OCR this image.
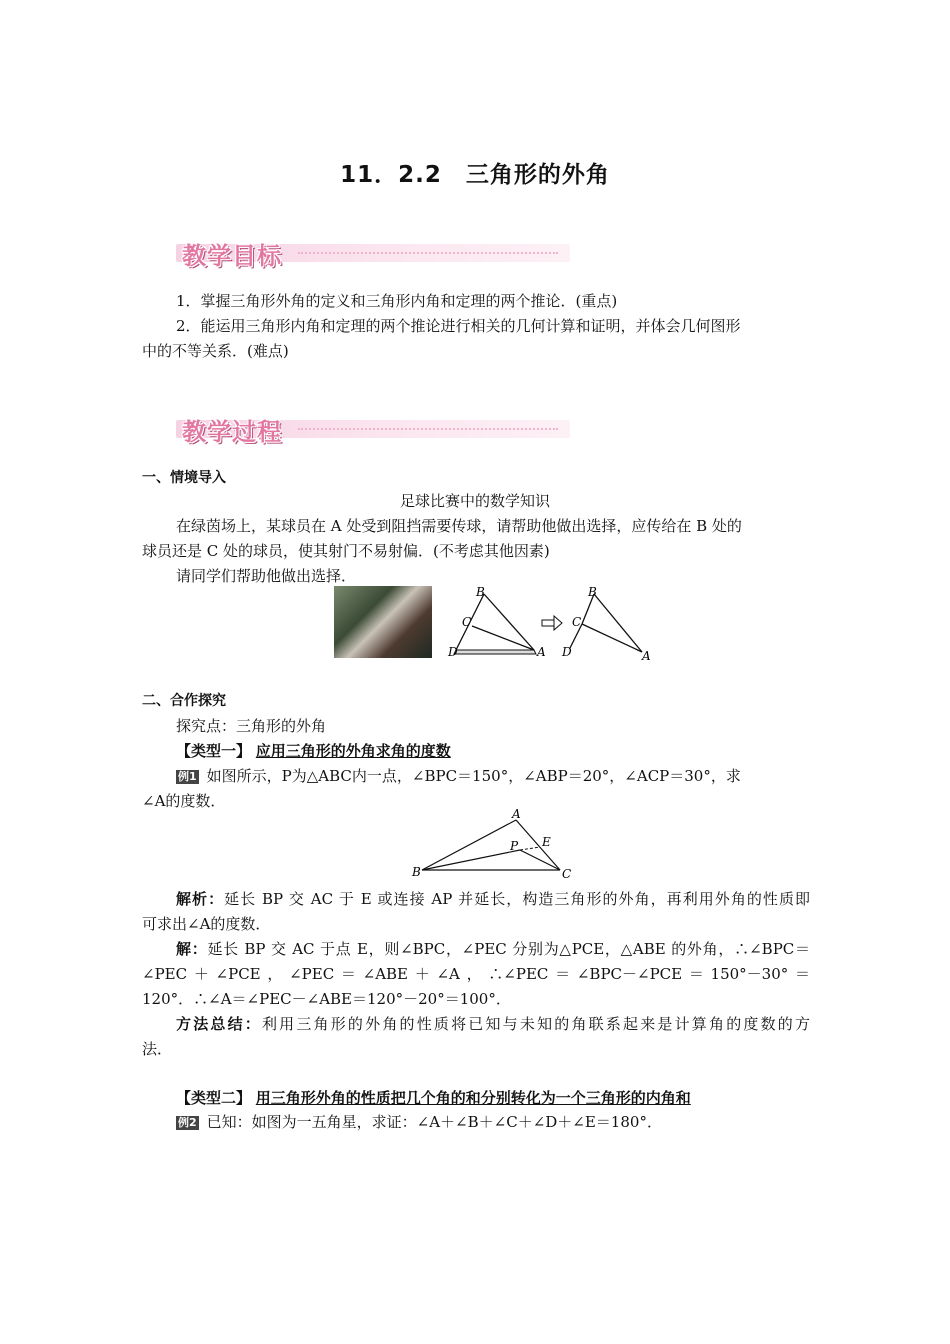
11．2.2　三角形的外角
教学目标
1．掌握三角形外角的定义和三角形内角和定理的两个推论．(重点)
2．能运用三角形内角和定理的两个推论进行相关的几何计算和证明，并体会几何图形
中的不等关系．(难点)
教学过程
一、情境导入
足球比赛中的数学知识
在绿茵场上，某球员在 A 处受到阻挡需要传球，请帮助他做出选择，应传给在 B 处的
球员还是 C 处的球员，使其射门不易射偏．(不考虑其他因素)
请同学们帮助他做出选择．
B
C
D	A
B
C
D	A
二、合作探究
探究点：三角形的外角
【类型一】 应用三角形的外角求角的度数
例1 如图所示，P为△ABC内一点，∠BPC＝150°，∠ABP＝20°，∠ACP＝30°，求
∠A的度数．
A
B	C
P E
解析：延长 BP 交 AC 于 E 或连接 AP 并延长，构造三角形的外角，再利用外角的性质即
可求出∠A的度数．
解：延长 BP 交 AC 于点 E，则∠BPC，∠PEC 分别为△PCE，△ABE 的外角，∴∠BPC＝
∠PEC＋∠PCE，∠PEC＝∠ABE＋∠A，∴∠PEC＝∠BPC－∠PCE＝150°－30°＝
120°．∴∠A＝∠PEC－∠ABE＝120°－20°＝100°．
方法总结：利用三角形的外角的性质将已知与未知的角联系起来是计算角的度数的方
法．
【类型二】 用三角形外角的性质把几个角的和分别转化为一个三角形的内角和
例2 已知：如图为一五角星，求证：∠A＋∠B＋∠C＋∠D＋∠E＝180°．
